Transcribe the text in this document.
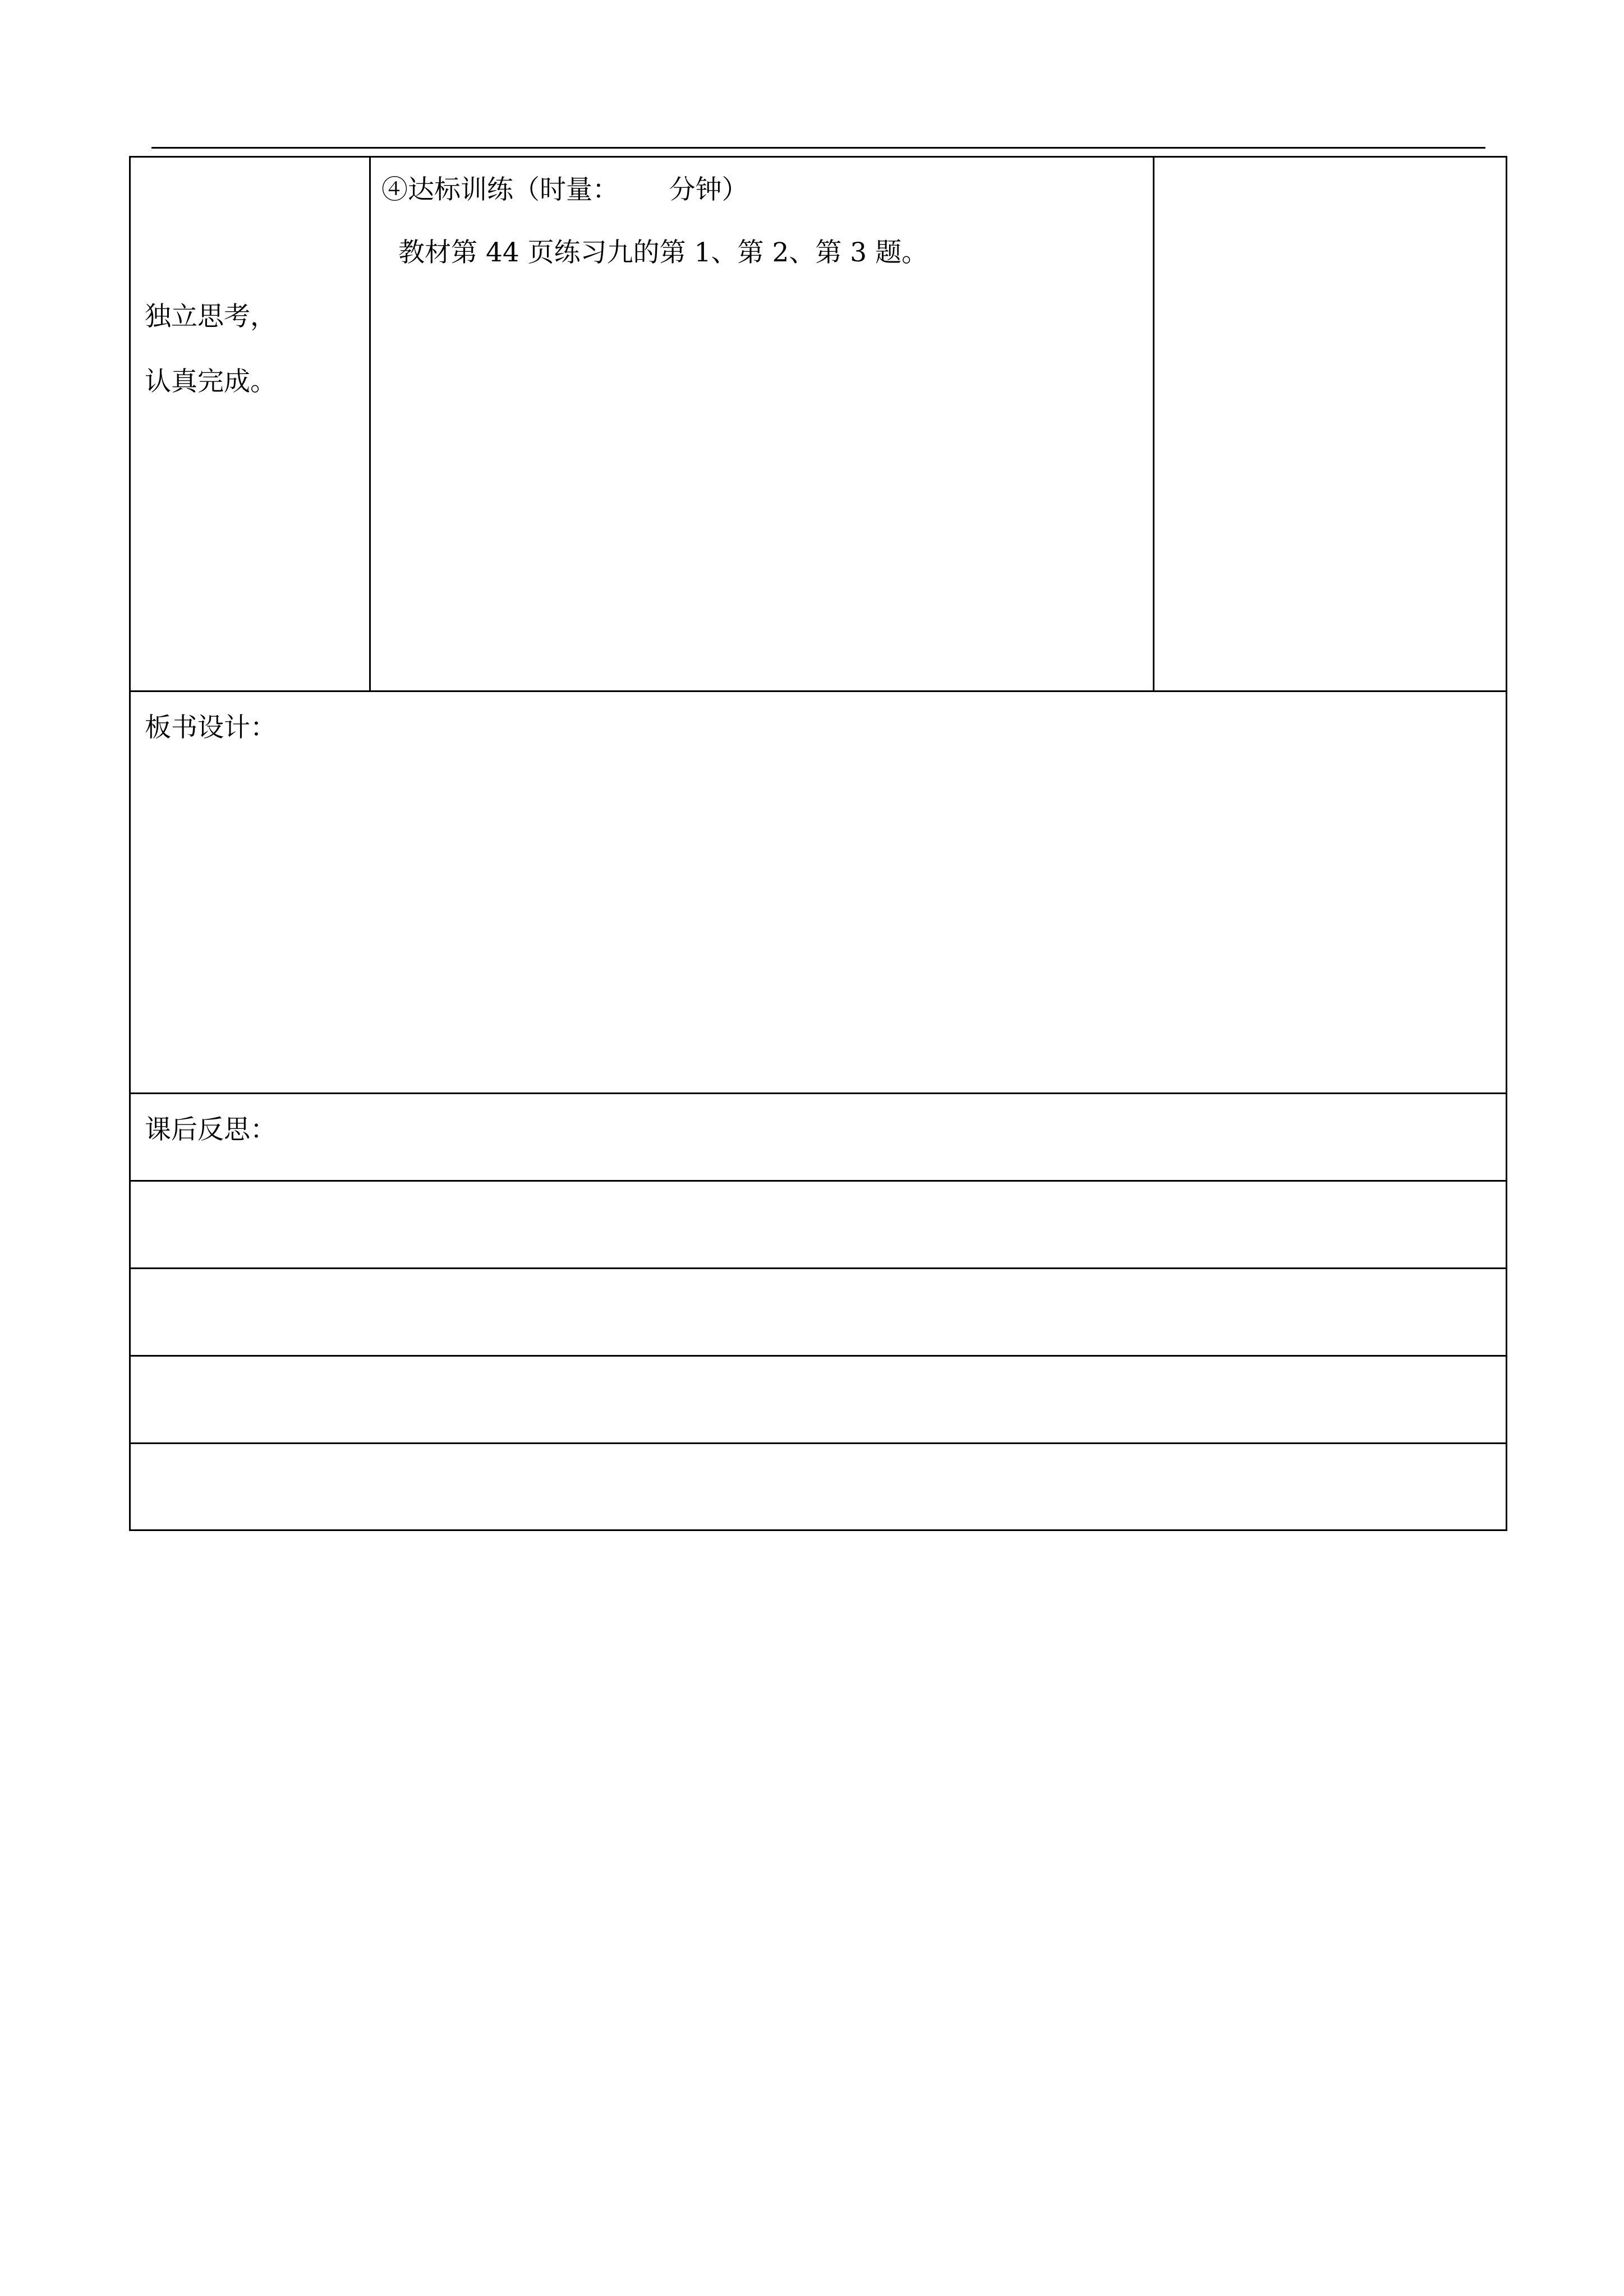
独立思考，
认真完成。
④达标训练（时量：      分钟）
教材第 44 页练习九的第 1、第 2、第 3 题。
板书设计：
课后反思：
